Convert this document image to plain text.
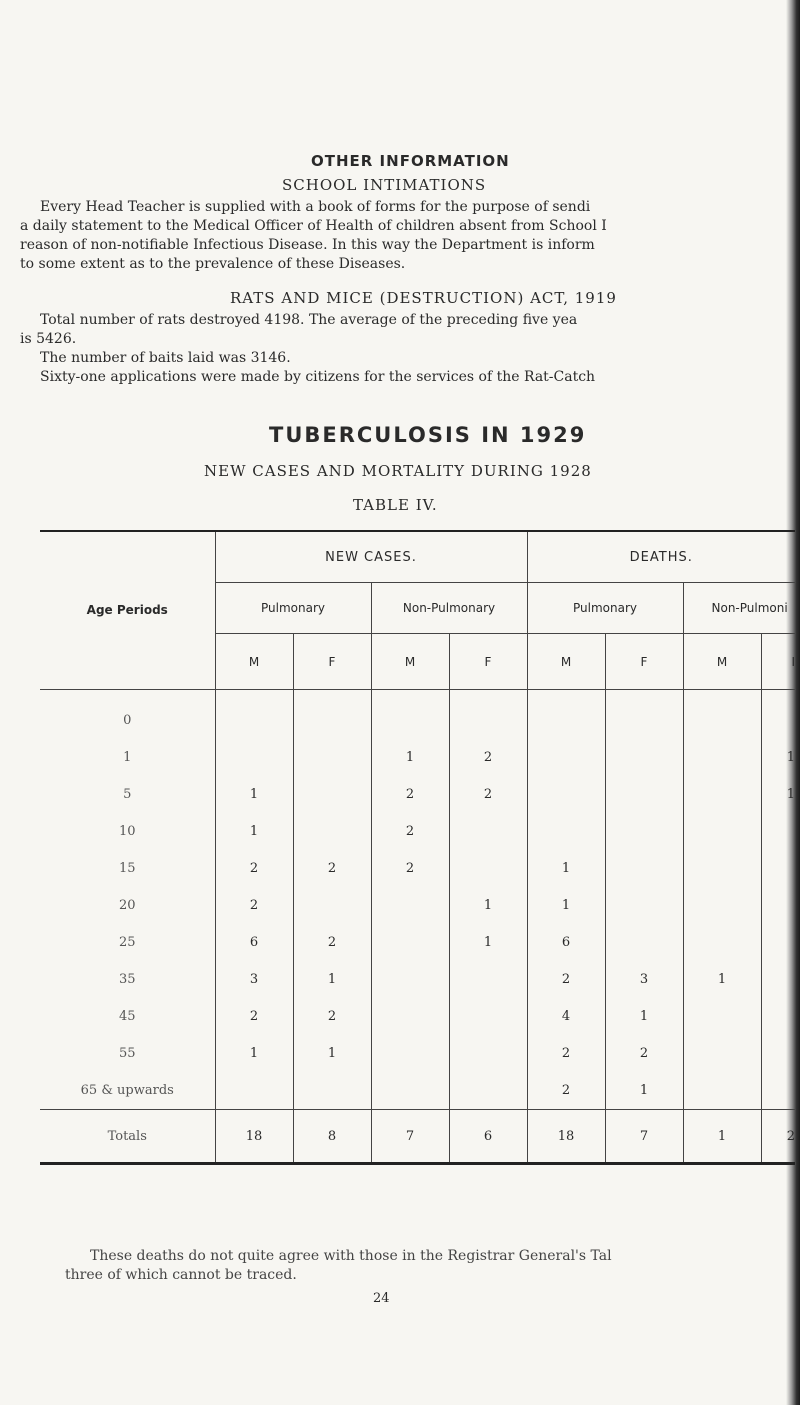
OTHER INFORMATION
SCHOOL INTIMATIONS
Every Head Teacher is supplied with a book of forms for the purpose of sendi
a daily statement to the Medical Officer of Health of children absent from School I
reason of non-notifiable Infectious Disease. In this way the Department is inform
to some extent as to the prevalence of these Diseases.
RATS AND MICE (DESTRUCTION) ACT, 1919
Total number of rats destroyed 4198. The average of the preceding five yea
is 5426.
The number of baits laid was 3146.
Sixty-one applications were made by citizens for the services of the Rat-Catch
TUBERCULOSIS IN 1929
NEW CASES AND MORTALITY DURING 1928
TABLE IV.
Age Periods	NEW CASES.				DEATHS.			
	Pulmonary		Non-Pulmonary		Pulmonary		Non-Pulmoni	
	M	F	M	F	M	F	M	I
0								
1			1	2				1
5	1		2	2				1
10	1		2					
15	2	2	2		1			
20	2			1	1			
25	6	2		1	6			
35	3	1			2	3	1	
45	2	2			4	1		
55	1	1			2	2		
65 & upwards					2	1		
Totals	18	8	7	6	18	7	1	2
These deaths do not quite agree with those in the Registrar General's Tal
three of which cannot be traced.
24
